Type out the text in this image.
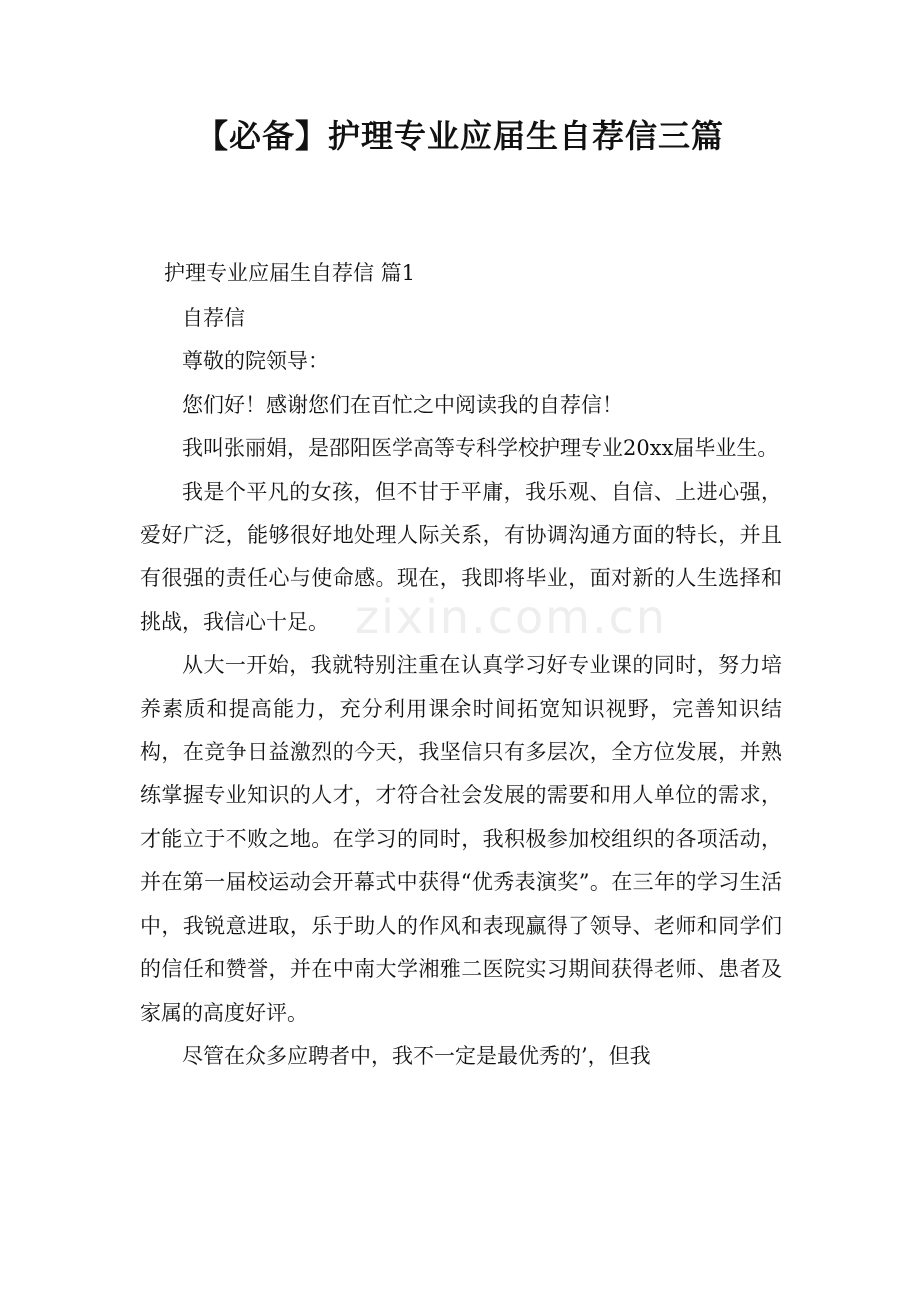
【必备】护理专业应届生自荐信三篇
护理专业应届生自荐信 篇1

自荐信

尊敬的院领导：

您们好！感谢您们在百忙之中阅读我的自荐信！

我叫张丽娟，是邵阳医学高等专科学校护理专业20xx届毕业生。

我是个平凡的女孩，但不甘于平庸，我乐观、自信、上进心强，爱好广泛，能够很好地处理人际关系，有协调沟通方面的特长，并且有很强的责任心与使命感。现在，我即将毕业，面对新的人生选择和挑战，我信心十足。

从大一开始，我就特别注重在认真学习好专业课的同时，努力培养素质和提高能力，充分利用课余时间拓宽知识视野，完善知识结构，在竞争日益激烈的今天，我坚信只有多层次，全方位发展，并熟练掌握专业知识的人才，才符合社会发展的需要和用人单位的需求，才能立于不败之地。在学习的同时，我积极参加校组织的各项活动，并在第一届校运动会开幕式中获得“优秀表演奖”。在三年的学习生活中，我锐意进取，乐于助人的作风和表现赢得了领导、老师和同学们的信任和赞誉，并在中南大学湘雅二医院实习期间获得老师、患者及家属的高度好评。

尽管在众多应聘者中，我不一定是最优秀的’，但我

zixin.com.cn
